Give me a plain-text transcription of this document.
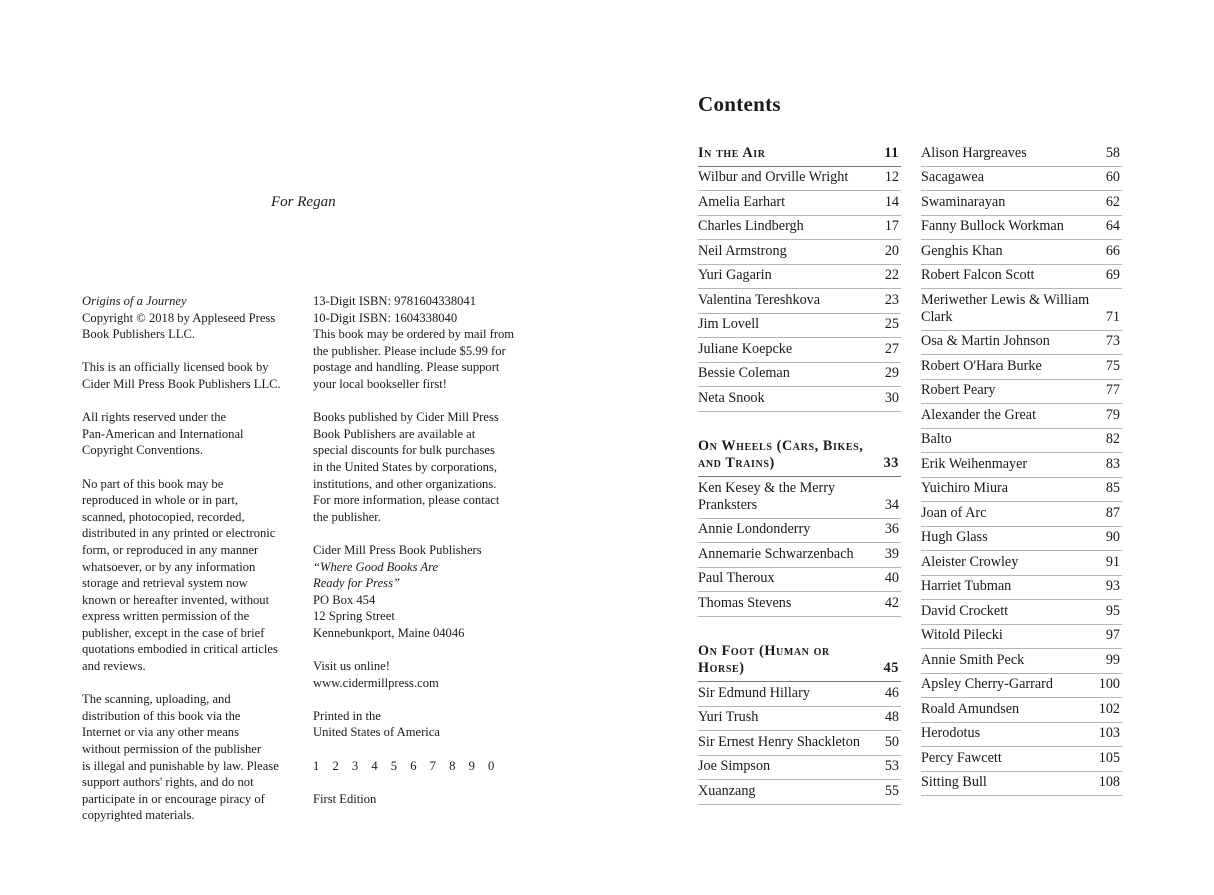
For Regan
Origins of a Journey
Copyright © 2018 by Appleseed Press
Book Publishers LLC.
This is an officially licensed book by
Cider Mill Press Book Publishers LLC.
All rights reserved under the
Pan-American and International
Copyright Conventions.
No part of this book may be
reproduced in whole or in part,
scanned, photocopied, recorded,
distributed in any printed or electronic
form, or reproduced in any manner
whatsoever, or by any information
storage and retrieval system now
known or hereafter invented, without
express written permission of the
publisher, except in the case of brief
quotations embodied in critical articles
and reviews.
The scanning, uploading, and
distribution of this book via the
Internet or via any other means
without permission of the publisher
is illegal and punishable by law. Please
support authors' rights, and do not
participate in or encourage piracy of
copyrighted materials.
13-Digit ISBN: 9781604338041
10-Digit ISBN: 1604338040
This book may be ordered by mail from
the publisher. Please include $5.99 for
postage and handling. Please support
your local bookseller first!
Books published by Cider Mill Press
Book Publishers are available at
special discounts for bulk purchases
in the United States by corporations,
institutions, and other organizations.
For more information, please contact
the publisher.
Cider Mill Press Book Publishers
“Where Good Books Are
Ready for Press”
PO Box 454
12 Spring Street
Kennebunkport, Maine 04046
Visit us online!
www.cidermillpress.com
Printed in the
United States of America
1 2 3 4 5 6 7 8 9 0
First Edition
Contents
In the Air	11
Wilbur and Orville Wright	12
Amelia Earhart	14
Charles Lindbergh	17
Neil Armstrong	20
Yuri Gagarin	22
Valentina Tereshkova	23
Jim Lovell	25
Juliane Koepcke	27
Bessie Coleman	29
Neta Snook	30
On Wheels (Cars, Bikes, and Trains)	33
Ken Kesey & the Merry Pranksters	34
Annie Londonderry	36
Annemarie Schwarzenbach	39
Paul Theroux	40
Thomas Stevens	42
On Foot (Human or Horse)	45
Sir Edmund Hillary	46
Yuri Trush	48
Sir Ernest Henry Shackleton	50
Joe Simpson	53
Xuanzang	55
Alison Hargreaves	58
Sacagawea	60
Swaminarayan	62
Fanny Bullock Workman	64
Genghis Khan	66
Robert Falcon Scott	69
Meriwether Lewis & William Clark	71
Osa & Martin Johnson	73
Robert O'Hara Burke	75
Robert Peary	77
Alexander the Great	79
Balto	82
Erik Weihenmayer	83
Yuichiro Miura	85
Joan of Arc	87
Hugh Glass	90
Aleister Crowley	91
Harriet Tubman	93
David Crockett	95
Witold Pilecki	97
Annie Smith Peck	99
Apsley Cherry-Garrard	100
Roald Amundsen	102
Herodotus	103
Percy Fawcett	105
Sitting Bull	108
